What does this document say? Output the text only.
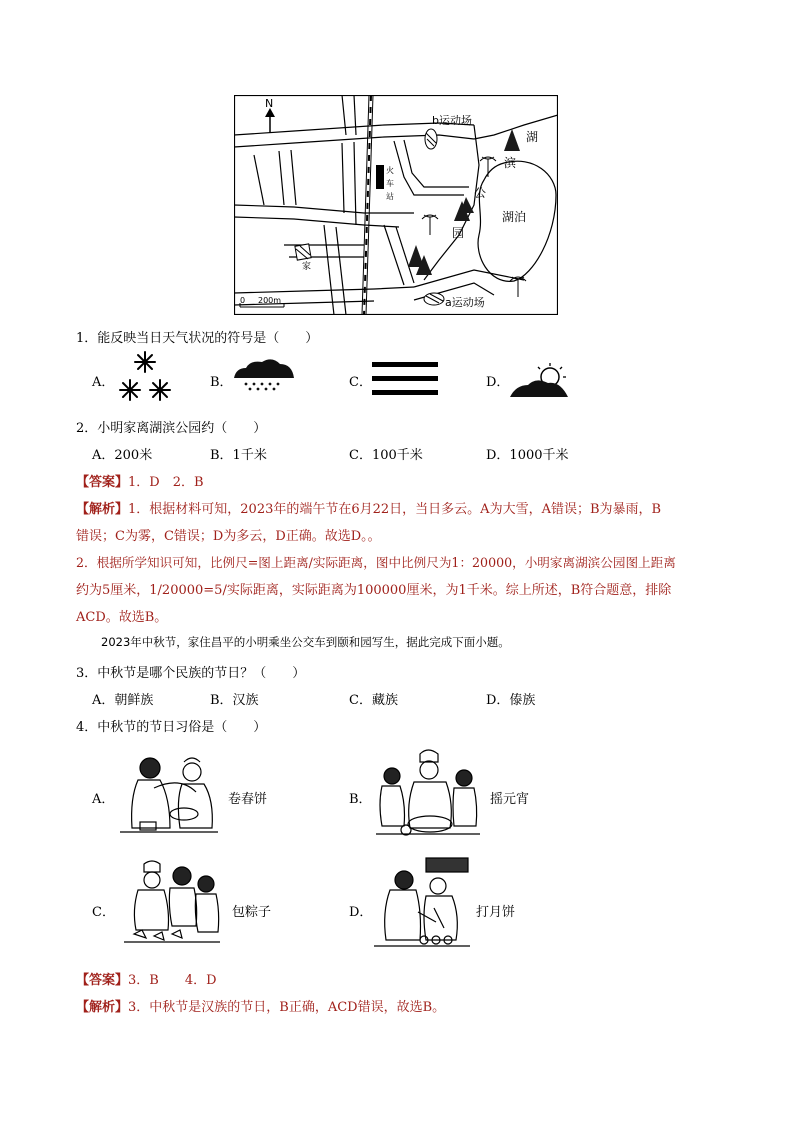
火
车
站
N
b运动场
a运动场
家
湖泊
湖
滨
公
园
0 200m
1．能反映当日天气状况的符号是（　　）
A．	B．	C．	D．
2．小明家离湖滨公园约（　　）
A．200米	B．1千米	C．100千米	D．1000千米
【答案】1．D　2．B
【解析】1．根据材料可知，2023年的端午节在6月22日，当日多云。A为大雪，A错误；B为暴雨，B
错误；C为雾，C错误；D为多云，D正确。故选D。。
2．根据所学知识可知，比例尺=图上距离/实际距离，图中比例尺为1：20000，小明家离湖滨公园图上距离
约为5厘米，1/20000=5/实际距离，实际距离为100000厘米，为1千米。综上所述，B符合题意，排除
ACD。故选B。
2023年中秋节，家住昌平的小明乘坐公交车到颐和园写生，据此完成下面小题。
3．中秋节是哪个民族的节日？（　　）
A．朝鲜族	B．汉族	C．藏族	D．傣族
4．中秋节的节日习俗是（　　）
A．	卷春饼	B．	摇元宵
C．	包粽子	D．	打月饼
【答案】3．B　　4．D
【解析】3．中秋节是汉族的节日，B正确，ACD错误，故选B。
